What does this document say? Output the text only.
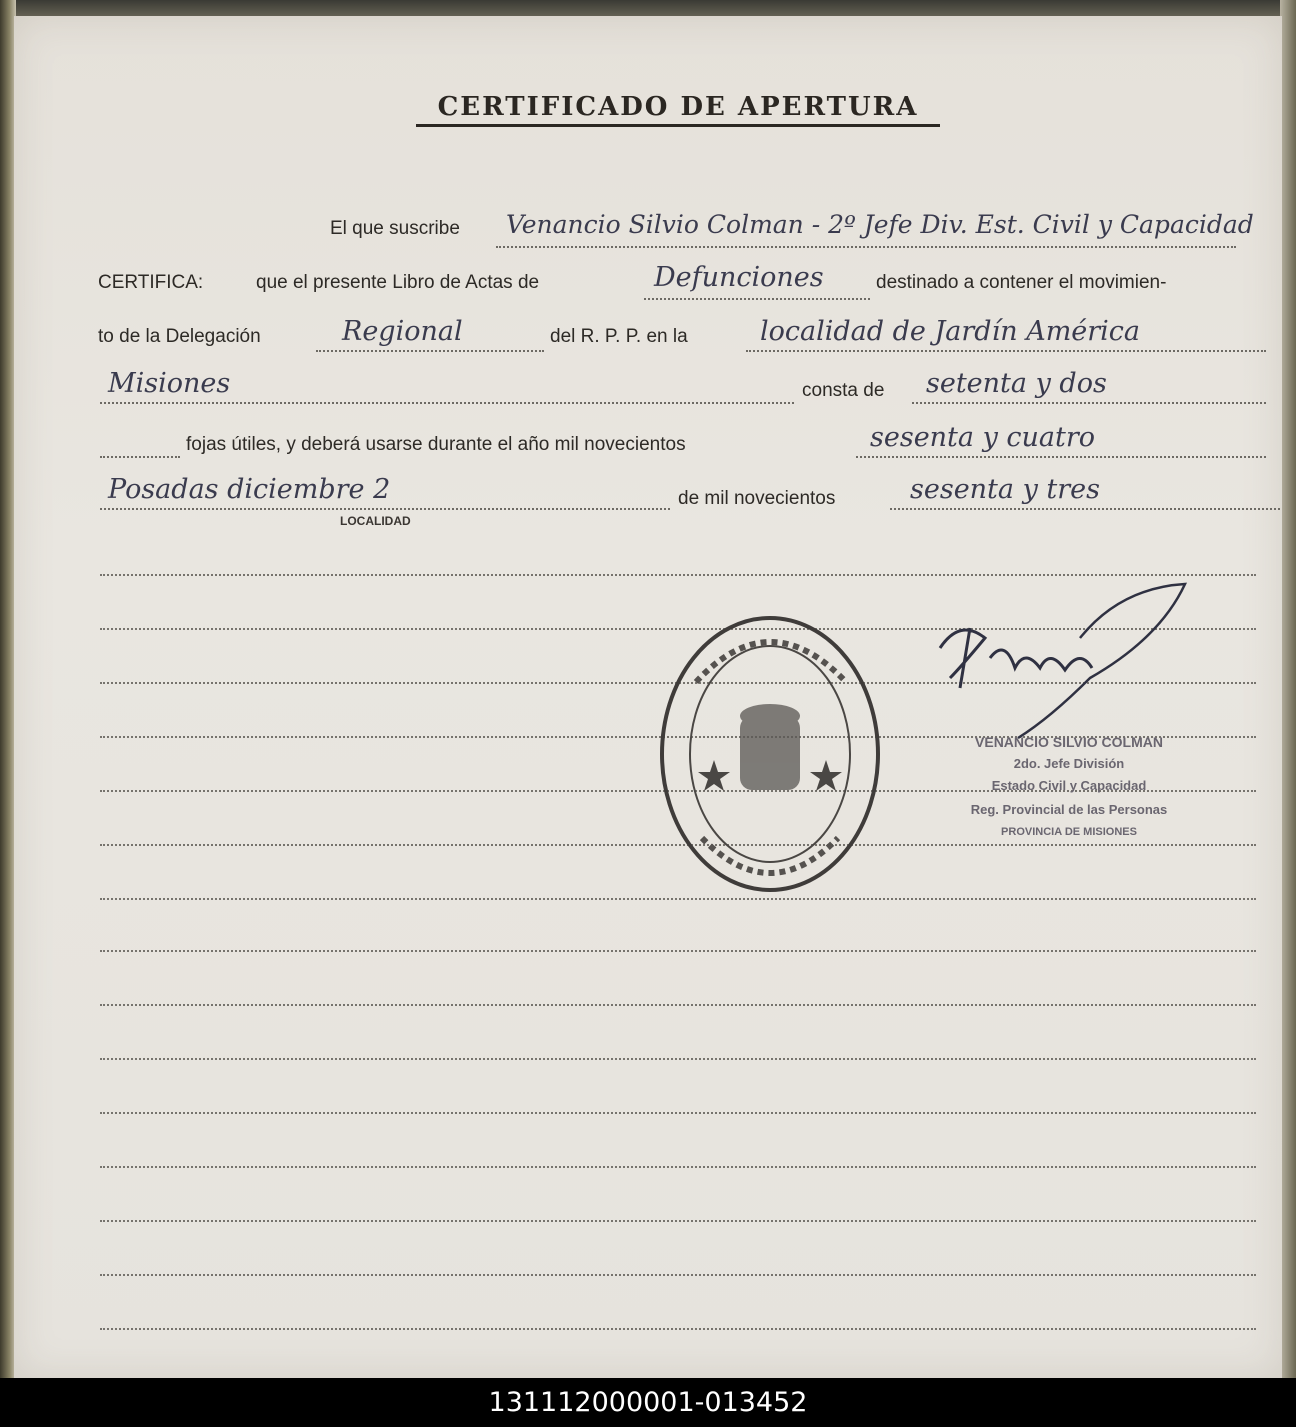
CERTIFICADO DE APERTURA
El que suscribe Venancio Silvio Colman - 2º Jefe Div. Est. Civil y Capacidad
CERTIFICA:	que el presente Libro de Actas de	Defunciones	destinado a contener el movimien-
to de la Delegación	Regional	del R. P. P. en la	localidad de Jardín América
Misiones	consta de setenta y dos
fojas útiles, y deberá usarse durante el año mil novecientos	sesenta y cuatro
Posadas diciembre 2
LOCALIDAD
de mil novecientos	sesenta y tres
VENANCIO SILVIO COLMAN
2do. Jefe División
Estado Civil y Capacidad
Reg. Provincial de las Personas
PROVINCIA DE MISIONES
131112000001-013452
